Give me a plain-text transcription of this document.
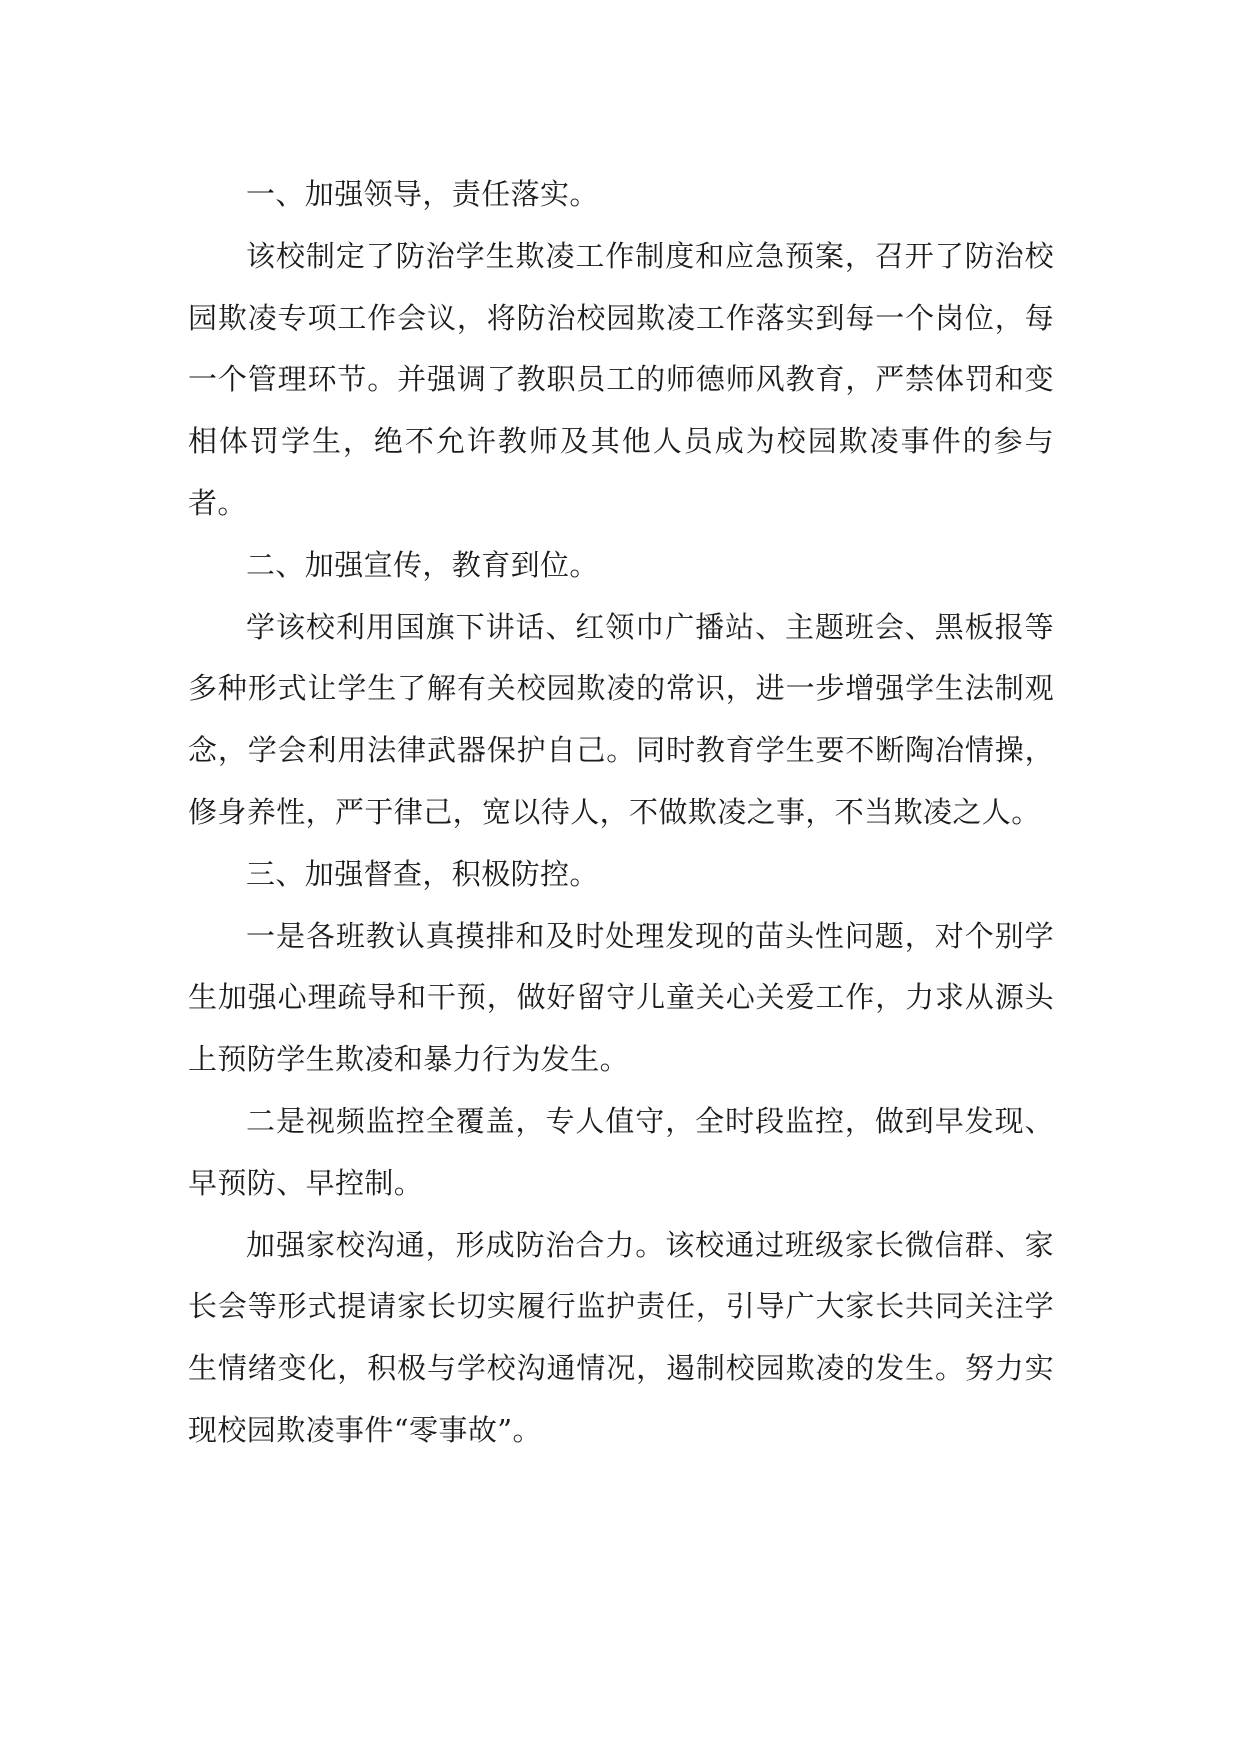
一、加强领导，责任落实。

该校制定了防治学生欺凌工作制度和应急预案，召开了防治校园欺凌专项工作会议，将防治校园欺凌工作落实到每一个岗位，每一个管理环节。并强调了教职员工的师德师风教育，严禁体罚和变相体罚学生，绝不允许教师及其他人员成为校园欺凌事件的参与者。

二、加强宣传，教育到位。

学该校利用国旗下讲话、红领巾广播站、主题班会、黑板报等多种形式让学生了解有关校园欺凌的常识，进一步增强学生法制观念，学会利用法律武器保护自己。同时教育学生要不断陶冶情操，修身养性，严于律己，宽以待人，不做欺凌之事，不当欺凌之人。

三、加强督查，积极防控。

一是各班教认真摸排和及时处理发现的苗头性问题，对个别学生加强心理疏导和干预，做好留守儿童关心关爱工作，力求从源头上预防学生欺凌和暴力行为发生。

二是视频监控全覆盖，专人值守，全时段监控，做到早发现、早预防、早控制。

加强家校沟通，形成防治合力。该校通过班级家长微信群、家长会等形式提请家长切实履行监护责任，引导广大家长共同关注学生情绪变化，积极与学校沟通情况，遏制校园欺凌的发生。努力实现校园欺凌事件“零事故”。
